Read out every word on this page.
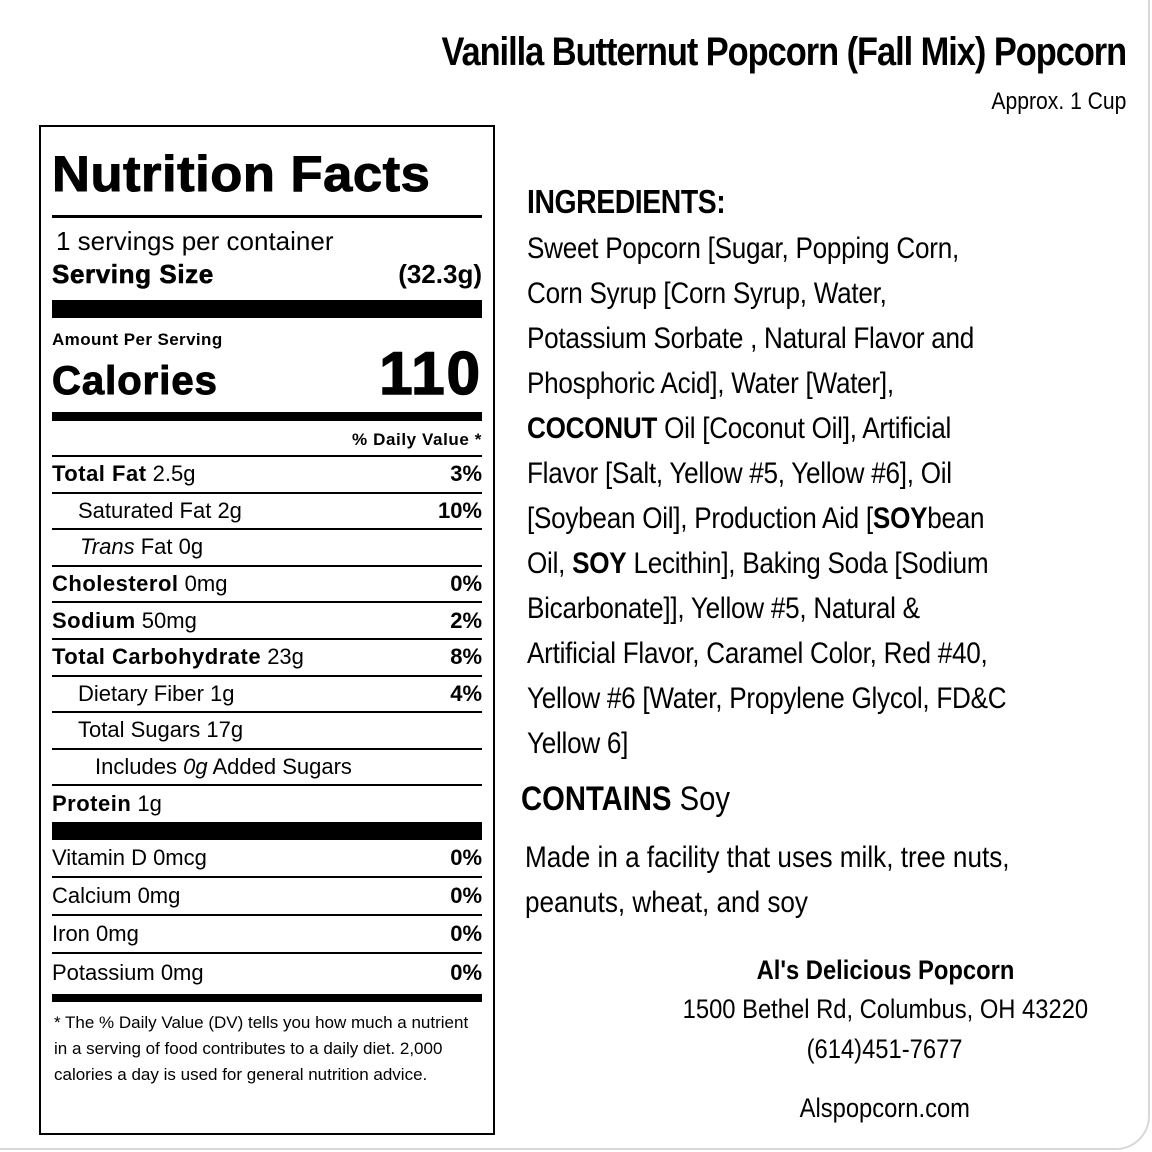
Vanilla Butternut Popcorn (Fall Mix) Popcorn
Approx. 1 Cup
Nutrition Facts
1 servings per container
Serving Size	(32.3g)
Amount Per Serving
Calories	110
% Daily Value *
Total Fat 2.5g	3%
Saturated Fat 2g	10%
Trans Fat 0g
Cholesterol 0mg	0%
Sodium 50mg	2%
Total Carbohydrate 23g	8%
Dietary Fiber 1g	4%
Total Sugars 17g
Includes 0g Added Sugars
Protein 1g
Vitamin D 0mcg	0%
Calcium 0mg	0%
Iron 0mg	0%
Potassium 0mg	0%
* The % Daily Value (DV) tells you how much a nutrient in a serving of food contributes to a daily diet. 2,000 calories a day is used for general nutrition advice.
INGREDIENTS:
Sweet Popcorn [Sugar, Popping Corn,
Corn Syrup [Corn Syrup, Water,
Potassium Sorbate , Natural Flavor and
Phosphoric Acid], Water [Water],
COCONUT Oil [Coconut Oil], Artificial
Flavor [Salt, Yellow #5, Yellow #6], Oil
[Soybean Oil], Production Aid [SOYbean
Oil, SOY Lecithin], Baking Soda [Sodium
Bicarbonate]], Yellow #5, Natural &
Artificial Flavor, Caramel Color, Red #40,
Yellow #6 [Water, Propylene Glycol, FD&C
Yellow 6]
CONTAINS Soy
Made in a facility that uses milk, tree nuts,
peanuts, wheat, and soy
Al's Delicious Popcorn
1500 Bethel Rd, Columbus, OH 43220
(614)451-7677
Alspopcorn.com
